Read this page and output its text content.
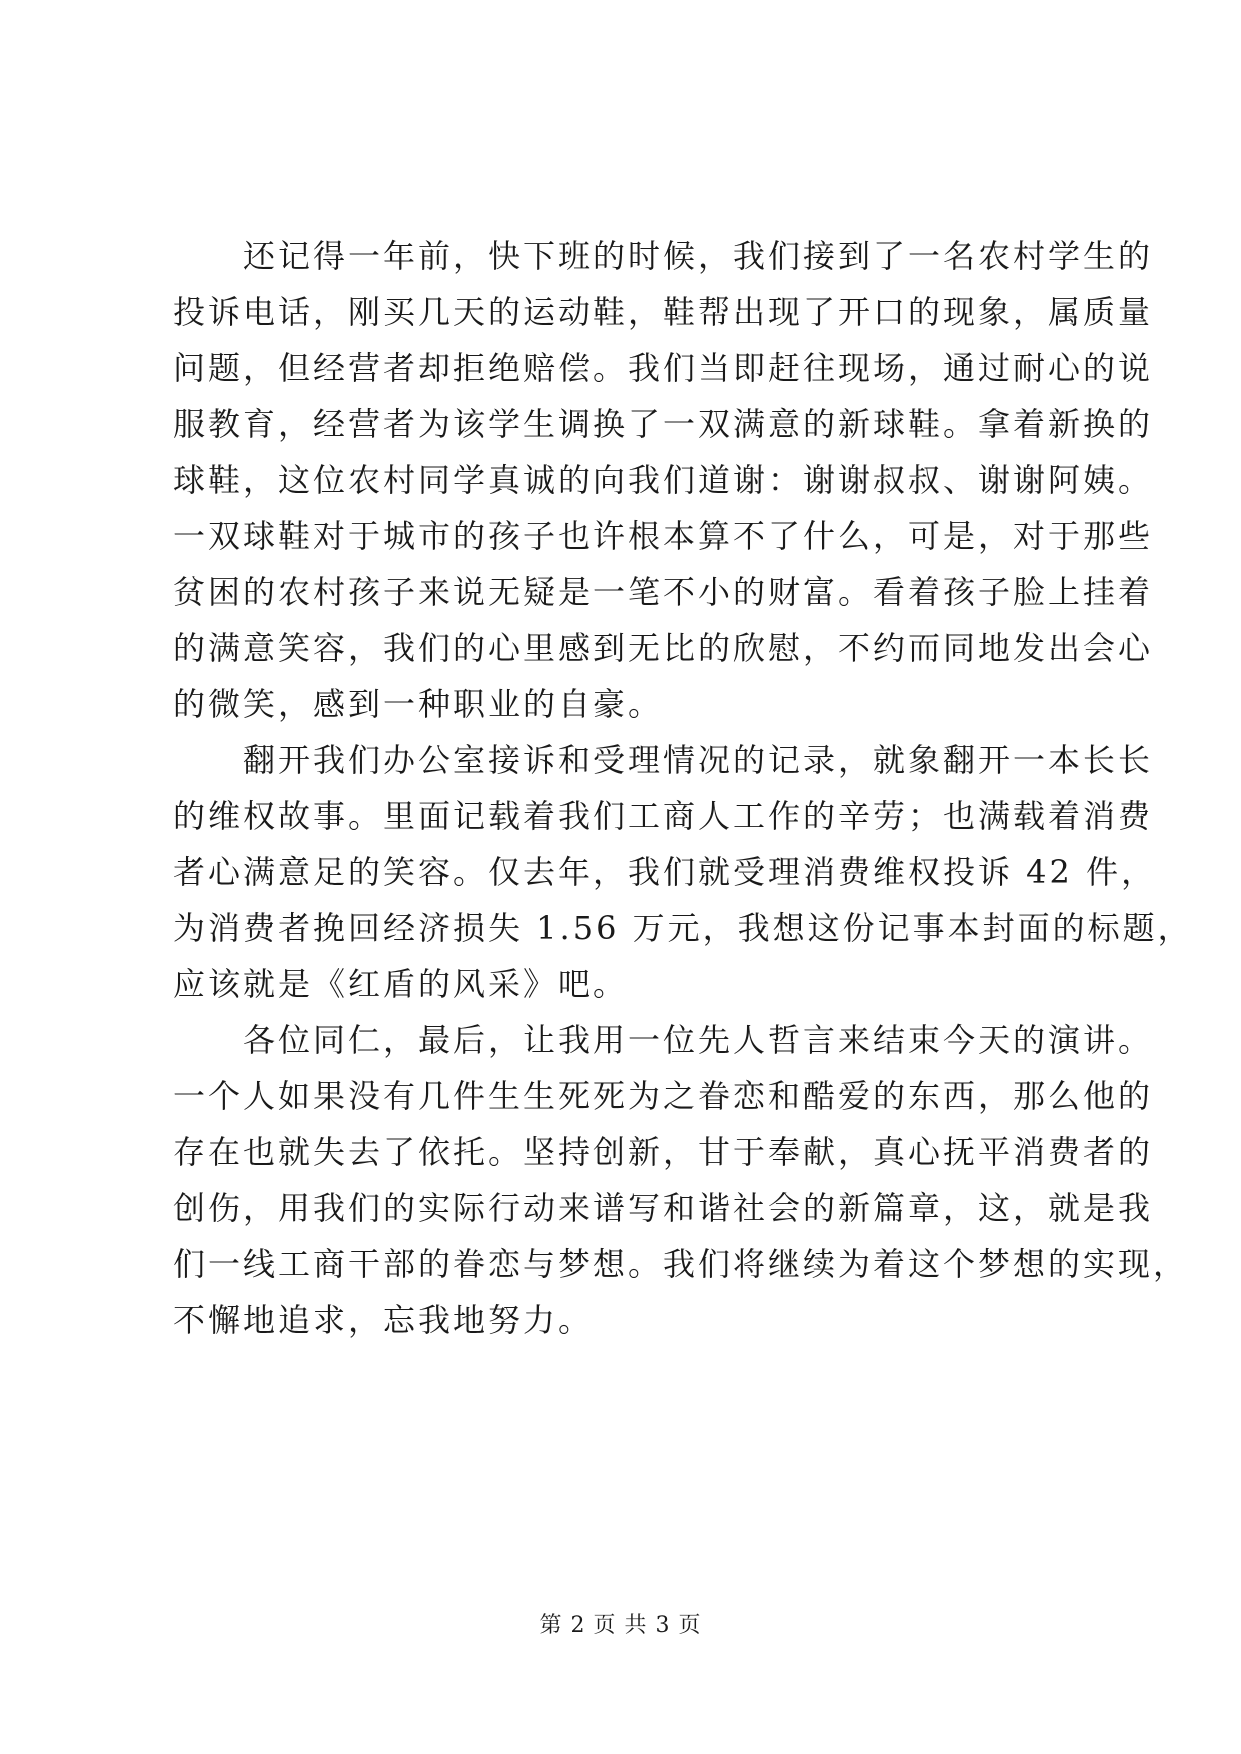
还记得一年前，快下班的时候，我们接到了一名农村学生的
投诉电话，刚买几天的运动鞋，鞋帮出现了开口的现象，属质量
问题，但经营者却拒绝赔偿。我们当即赶往现场，通过耐心的说
服教育，经营者为该学生调换了一双满意的新球鞋。拿着新换的
球鞋，这位农村同学真诚的向我们道谢：谢谢叔叔、谢谢阿姨。
一双球鞋对于城市的孩子也许根本算不了什么，可是，对于那些
贫困的农村孩子来说无疑是一笔不小的财富。看着孩子脸上挂着
的满意笑容，我们的心里感到无比的欣慰，不约而同地发出会心
的微笑，感到一种职业的自豪。

翻开我们办公室接诉和受理情况的记录，就象翻开一本长长
的维权故事。里面记载着我们工商人工作的辛劳；也满载着消费
者心满意足的笑容。仅去年，我们就受理消费维权投诉 42 件，
为消费者挽回经济损失 1.56 万元，我想这份记事本封面的标题，
应该就是《红盾的风采》吧。

各位同仁，最后，让我用一位先人哲言来结束今天的演讲。
一个人如果没有几件生生死死为之眷恋和酷爱的东西，那么他的
存在也就失去了依托。坚持创新，甘于奉献，真心抚平消费者的
创伤，用我们的实际行动来谱写和谐社会的新篇章，这，就是我
们一线工商干部的眷恋与梦想。我们将继续为着这个梦想的实现，
不懈地追求，忘我地努力。

第 2 页 共 3 页
